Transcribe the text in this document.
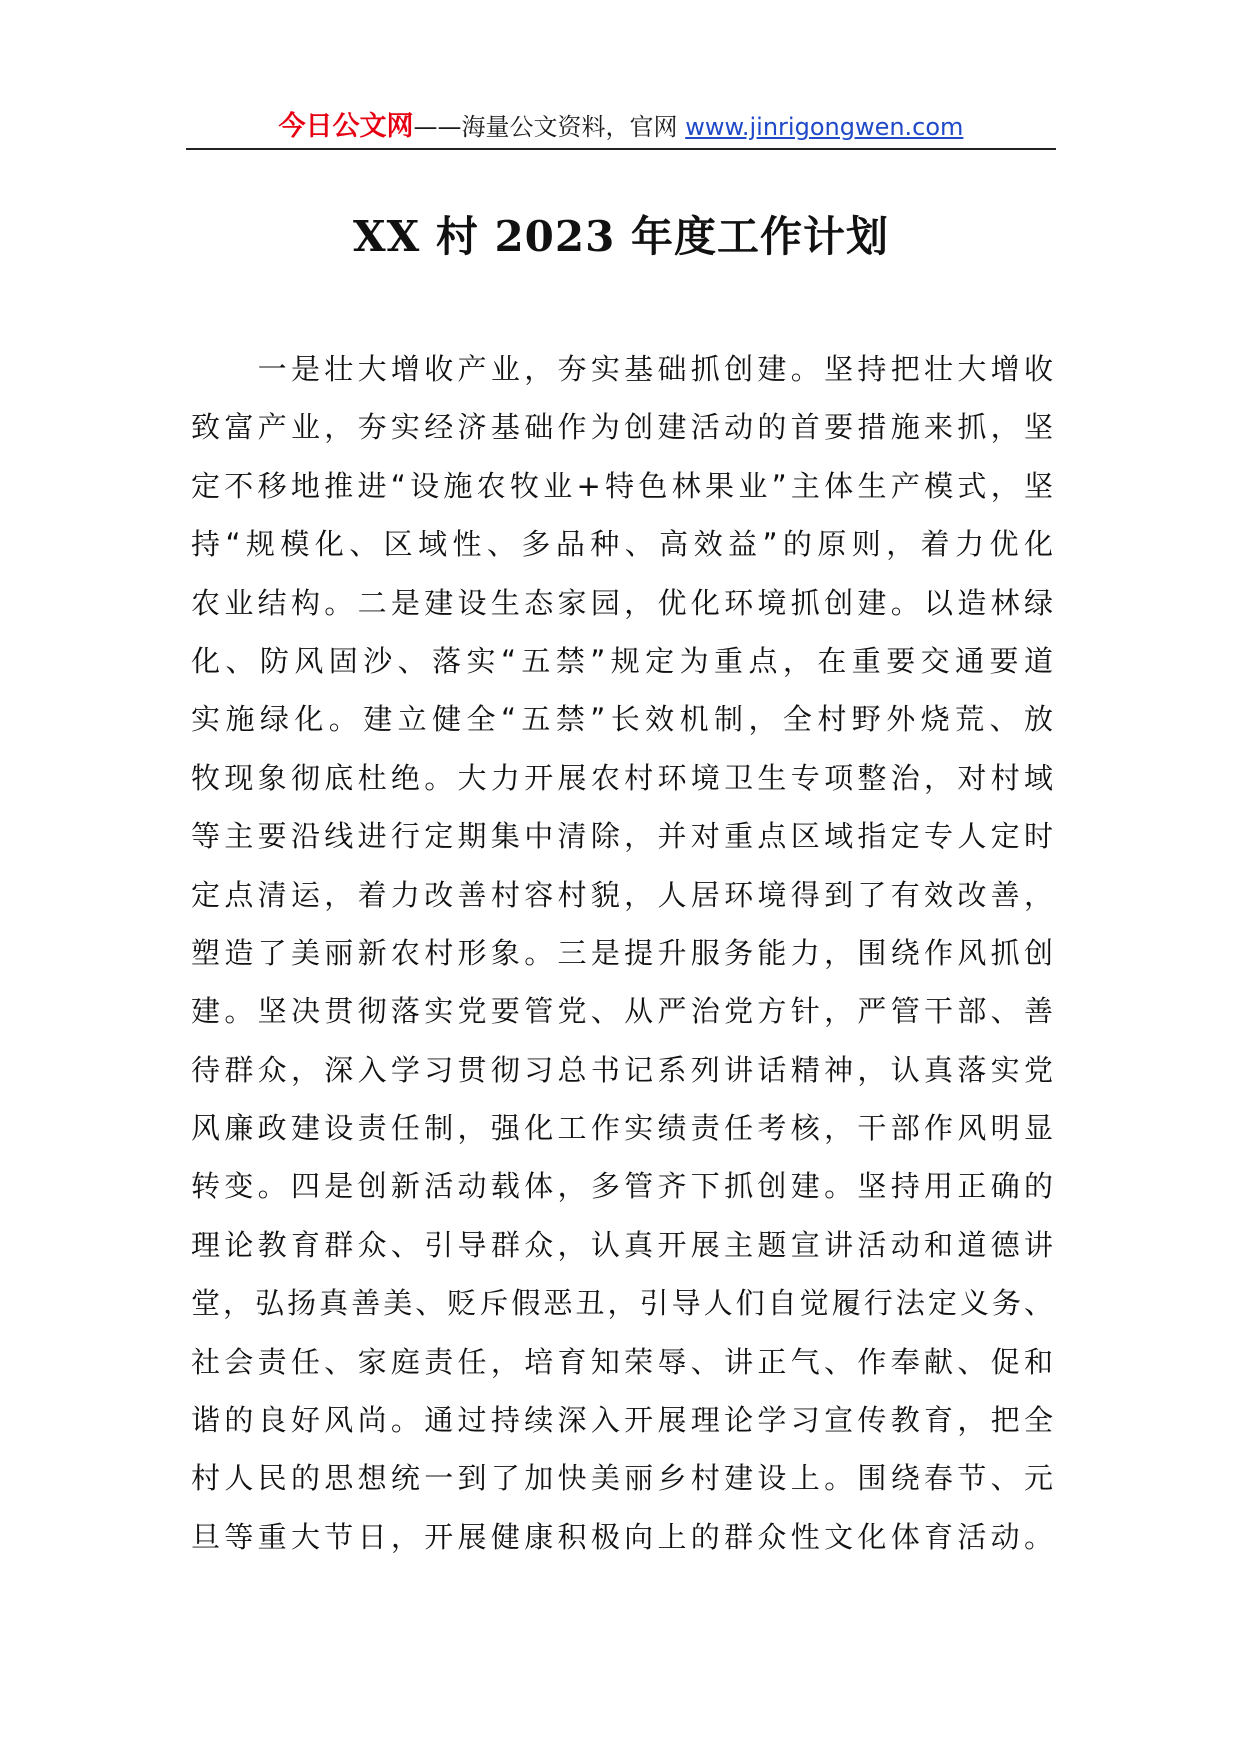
今日公文网——海量公文资料，官网 www.jinrigongwen.com
XX 村 2023 年度工作计划
　　一是壮大增收产业，夯实基础抓创建。坚持把壮大增收
致富产业，夯实经济基础作为创建活动的首要措施来抓，坚
定不移地推进“设施农牧业+特色林果业”主体生产模式，坚
持“规模化、区域性、多品种、高效益”的原则，着力优化
农业结构。二是建设生态家园，优化环境抓创建。以造林绿
化、防风固沙、落实“五禁”规定为重点，在重要交通要道
实施绿化。建立健全“五禁”长效机制，全村野外烧荒、放
牧现象彻底杜绝。大力开展农村环境卫生专项整治，对村域
等主要沿线进行定期集中清除，并对重点区域指定专人定时
定点清运，着力改善村容村貌，人居环境得到了有效改善，
塑造了美丽新农村形象。三是提升服务能力，围绕作风抓创
建。坚决贯彻落实党要管党、从严治党方针，严管干部、善
待群众，深入学习贯彻习总书记系列讲话精神，认真落实党
风廉政建设责任制，强化工作实绩责任考核，干部作风明显
转变。四是创新活动载体，多管齐下抓创建。坚持用正确的
理论教育群众、引导群众，认真开展主题宣讲活动和道德讲
堂，弘扬真善美、贬斥假恶丑，引导人们自觉履行法定义务、
社会责任、家庭责任，培育知荣辱、讲正气、作奉献、促和
谐的良好风尚。通过持续深入开展理论学习宣传教育，把全
村人民的思想统一到了加快美丽乡村建设上。围绕春节、元
旦等重大节日，开展健康积极向上的群众性文化体育活动。
